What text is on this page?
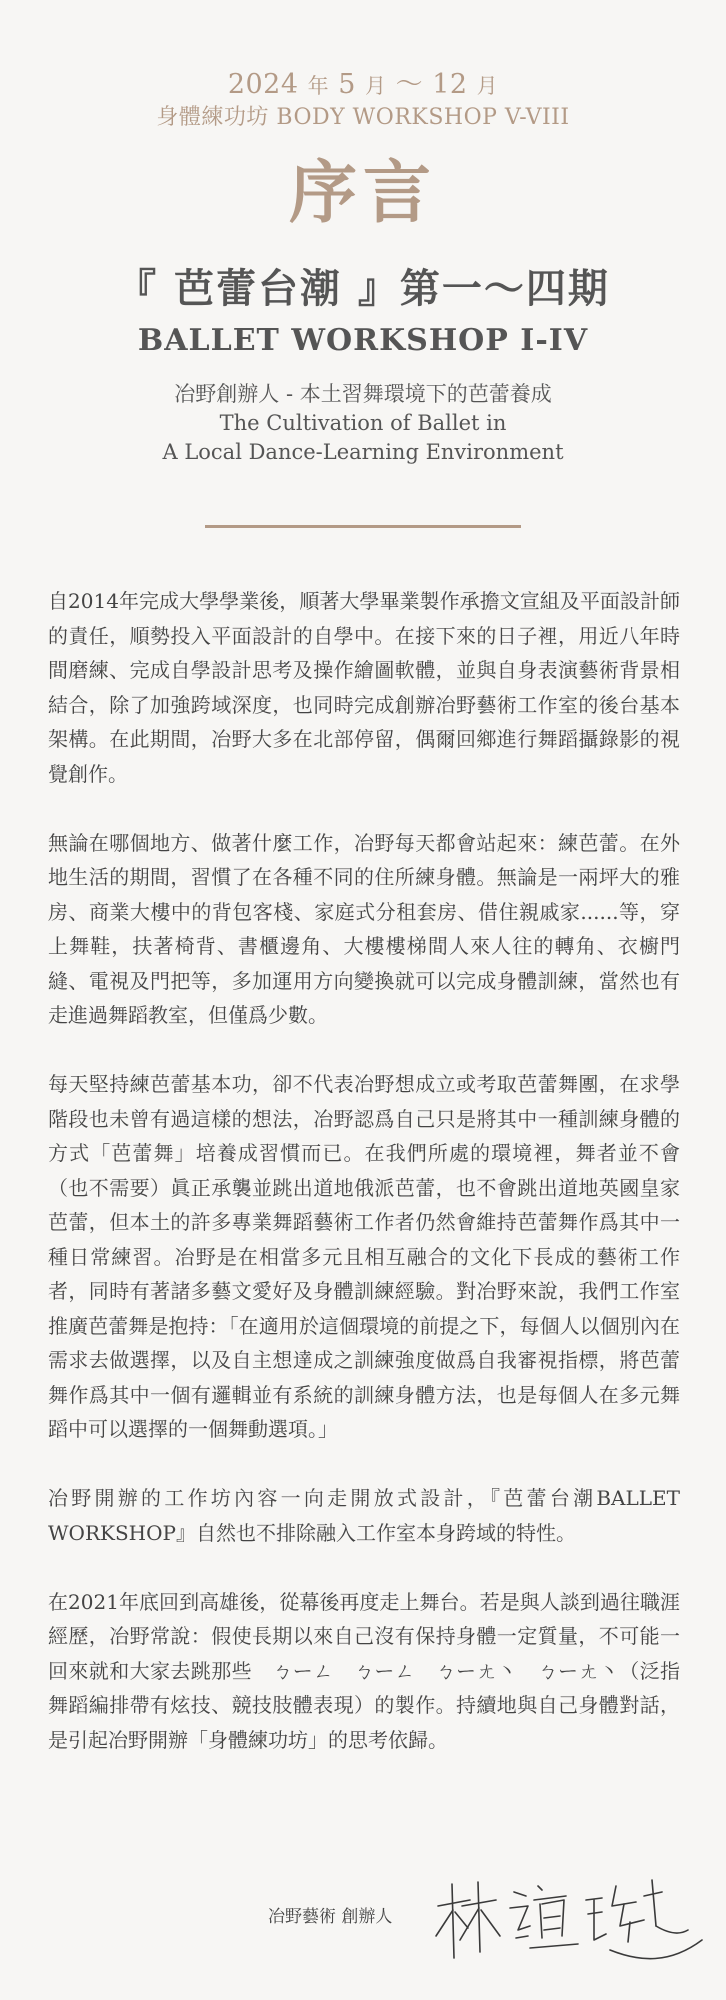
2024 年 5 月 ～ 12 月
身體練功坊 BODY WORKSHOP V-VIII
序言
『 芭蕾台潮 』第一～四期
BALLET WORKSHOP I-IV
冶野創辦人 - 本土習舞環境下的芭蕾養成
The Cultivation of Ballet in
A Local Dance-Learning Environment

自2014年完成大學學業後，順著大學畢業製作承擔文宣組及平面設計師的責任，順勢投入平面設計的自學中。在接下來的日子裡，用近八年時間磨練、完成自學設計思考及操作繪圖軟體，並與自身表演藝術背景相結合，除了加強跨域深度，也同時完成創辦冶野藝術工作室的後台基本架構。在此期間，冶野大多在北部停留，偶爾回鄉進行舞蹈攝錄影的視覺創作。

無論在哪個地方、做著什麼工作，冶野每天都會站起來：練芭蕾。在外地生活的期間，習慣了在各種不同的住所練身體。無論是一兩坪大的雅房、商業大樓中的背包客棧、家庭式分租套房、借住親戚家......等，穿上舞鞋，扶著椅背、書櫃邊角、大樓樓梯間人來人往的轉角、衣櫥門縫、電視及門把等，多加運用方向變換就可以完成身體訓練，當然也有走進過舞蹈教室，但僅爲少數。

每天堅持練芭蕾基本功，卻不代表冶野想成立或考取芭蕾舞團，在求學階段也未曾有過這樣的想法，冶野認爲自己只是將其中一種訓練身體的方式「芭蕾舞」培養成習慣而已。在我們所處的環境裡，舞者並不會（也不需要）眞正承襲並跳出道地俄派芭蕾，也不會跳出道地英國皇家芭蕾，但本土的許多專業舞蹈藝術工作者仍然會維持芭蕾舞作爲其中一種日常練習。冶野是在相當多元且相互融合的文化下長成的藝術工作者，同時有著諸多藝文愛好及身體訓練經驗。對冶野來說，我們工作室推廣芭蕾舞是抱持：「在適用於這個環境的前提之下，每個人以個別內在需求去做選擇，以及自主想達成之訓練強度做爲自我審視指標，將芭蕾舞作爲其中一個有邏輯並有系統的訓練身體方法，也是每個人在多元舞蹈中可以選擇的一個舞動選項。」

冶野開辦的工作坊內容一向走開放式設計，『芭蕾台潮BALLET WORKSHOP』自然也不排除融入工作室本身跨域的特性。

在2021年底回到高雄後，從幕後再度走上舞台。若是與人談到過往職涯經歷，冶野常說：假使長期以來自己沒有保持身體一定質量，不可能一回來就和大家去跳那些　ㄅーㄥ　ㄅーㄥ　ㄅーㄤ丶　ㄅーㄤ丶（泛指舞蹈編排帶有炫技、競技肢體表現）的製作。持續地與自己身體對話，是引起冶野開辦「身體練功坊」的思考依歸。

冶野藝術 創辦人
